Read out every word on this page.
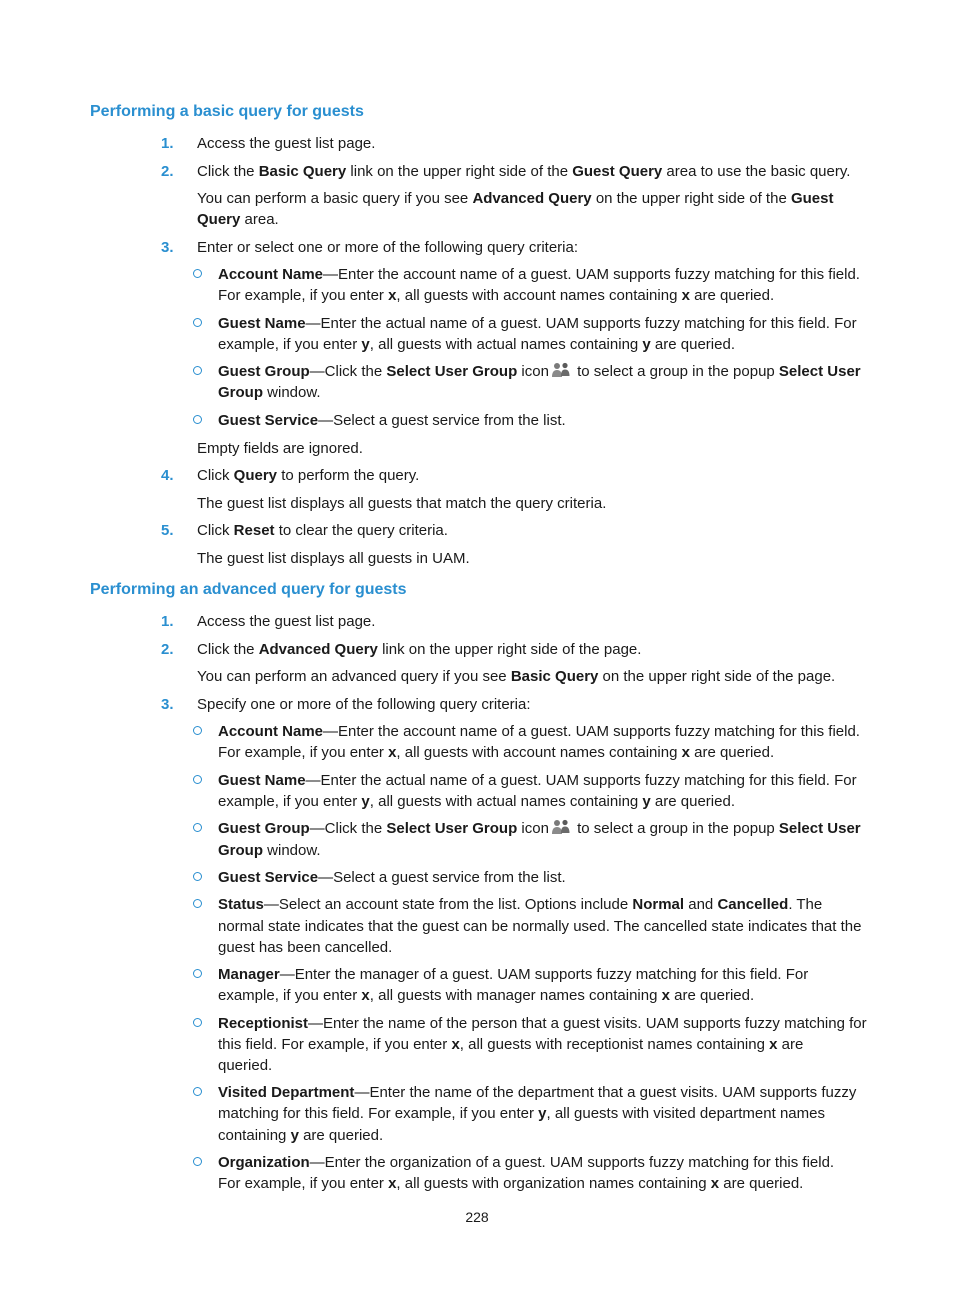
Performing a basic query for guests
1.	Access the guest list page.
2.	Click the Basic Query link on the upper right side of the Guest Query area to use the basic query.
You can perform a basic query if you see Advanced Query on the upper right side of the Guest
Query area.
3.	Enter or select one or more of the following query criteria:
Account Name—Enter the account name of a guest. UAM supports fuzzy matching for this field.
For example, if you enter x, all guests with account names containing x are queried.
Guest Name—Enter the actual name of a guest. UAM supports fuzzy matching for this field. For
example, if you enter y, all guests with actual names containing y are queried.
Guest Group—Click the Select User Group icon to select a group in the popup Select User
Group window.
Guest Service—Select a guest service from the list.
Empty fields are ignored.
4.	Click Query to perform the query.
The guest list displays all guests that match the query criteria.
5.	Click Reset to clear the query criteria.
The guest list displays all guests in UAM.
Performing an advanced query for guests
1.	Access the guest list page.
2.	Click the Advanced Query link on the upper right side of the page.
You can perform an advanced query if you see Basic Query on the upper right side of the page.
3.	Specify one or more of the following query criteria:
Account Name—Enter the account name of a guest. UAM supports fuzzy matching for this field.
For example, if you enter x, all guests with account names containing x are queried.
Guest Name—Enter the actual name of a guest. UAM supports fuzzy matching for this field. For
example, if you enter y, all guests with actual names containing y are queried.
Guest Group—Click the Select User Group icon to select a group in the popup Select User
Group window.
Guest Service—Select a guest service from the list.
Status—Select an account state from the list. Options include Normal and Cancelled. The
normal state indicates that the guest can be normally used. The cancelled state indicates that the
guest has been cancelled.
Manager—Enter the manager of a guest. UAM supports fuzzy matching for this field. For
example, if you enter x, all guests with manager names containing x are queried.
Receptionist—Enter the name of the person that a guest visits. UAM supports fuzzy matching for
this field. For example, if you enter x, all guests with receptionist names containing x are
queried.
Visited Department—Enter the name of the department that a guest visits. UAM supports fuzzy
matching for this field. For example, if you enter y, all guests with visited department names
containing y are queried.
Organization—Enter the organization of a guest. UAM supports fuzzy matching for this field.
For example, if you enter x, all guests with organization names containing x are queried.
228
